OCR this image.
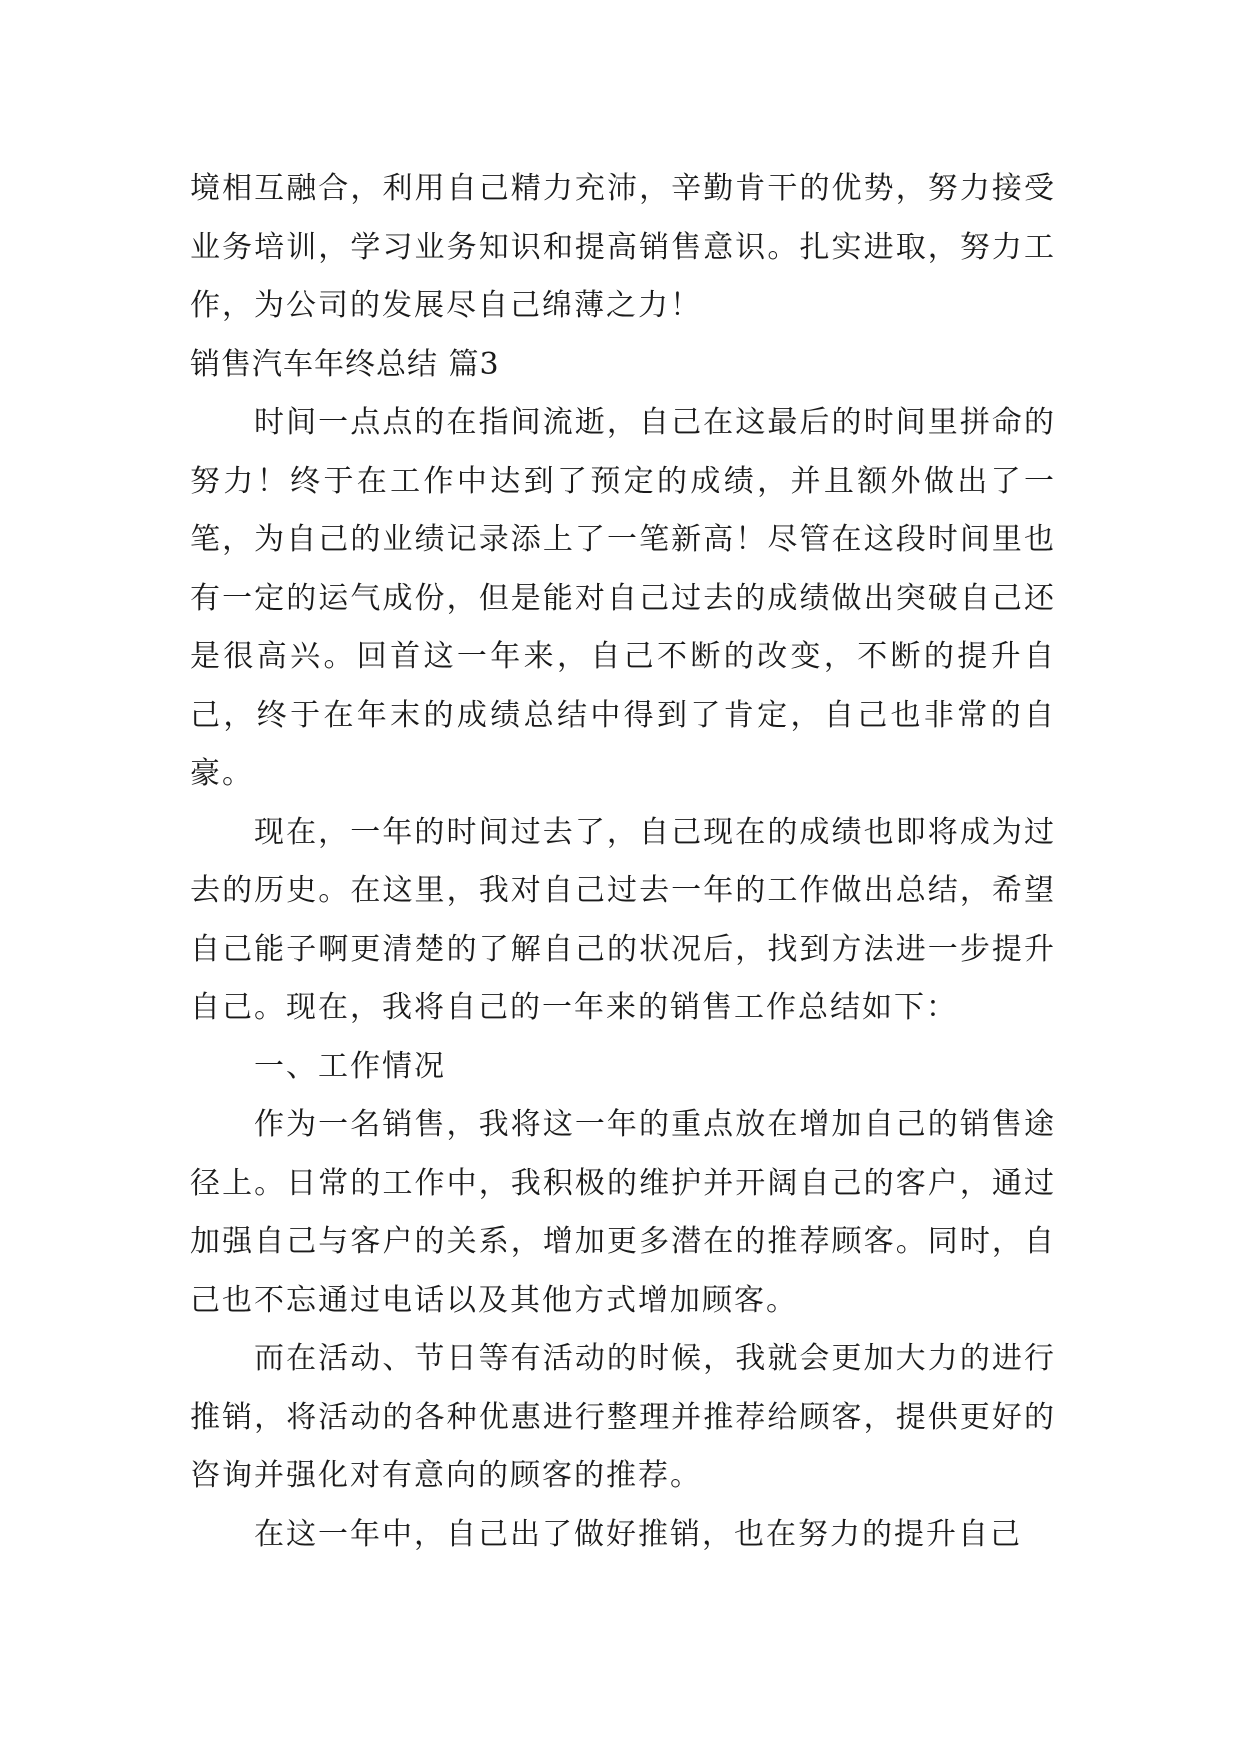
境相互融合，利用自己精力充沛，辛勤肯干的优势，努力接受业务培训，学习业务知识和提高销售意识。扎实进取，努力工作，为公司的发展尽自己绵薄之力！

销售汽车年终总结 篇3

时间一点点的在指间流逝，自己在这最后的时间里拼命的努力！终于在工作中达到了预定的成绩，并且额外做出了一笔，为自己的业绩记录添上了一笔新高！尽管在这段时间里也有一定的运气成份，但是能对自己过去的成绩做出突破自己还是很高兴。回首这一年来，自己不断的改变，不断的提升自己，终于在年末的成绩总结中得到了肯定，自己也非常的自豪。

现在，一年的时间过去了，自己现在的成绩也即将成为过去的历史。在这里，我对自己过去一年的工作做出总结，希望自己能子啊更清楚的了解自己的状况后，找到方法进一步提升自己。现在，我将自己的一年来的销售工作总结如下：

一、工作情况

作为一名销售，我将这一年的重点放在增加自己的销售途径上。日常的工作中，我积极的维护并开阔自己的客户，通过加强自己与客户的关系，增加更多潜在的推荐顾客。同时，自己也不忘通过电话以及其他方式增加顾客。

而在活动、节日等有活动的时候，我就会更加大力的进行推销，将活动的各种优惠进行整理并推荐给顾客，提供更好的咨询并强化对有意向的顾客的推荐。

在这一年中，自己出了做好推销，也在努力的提升自己
